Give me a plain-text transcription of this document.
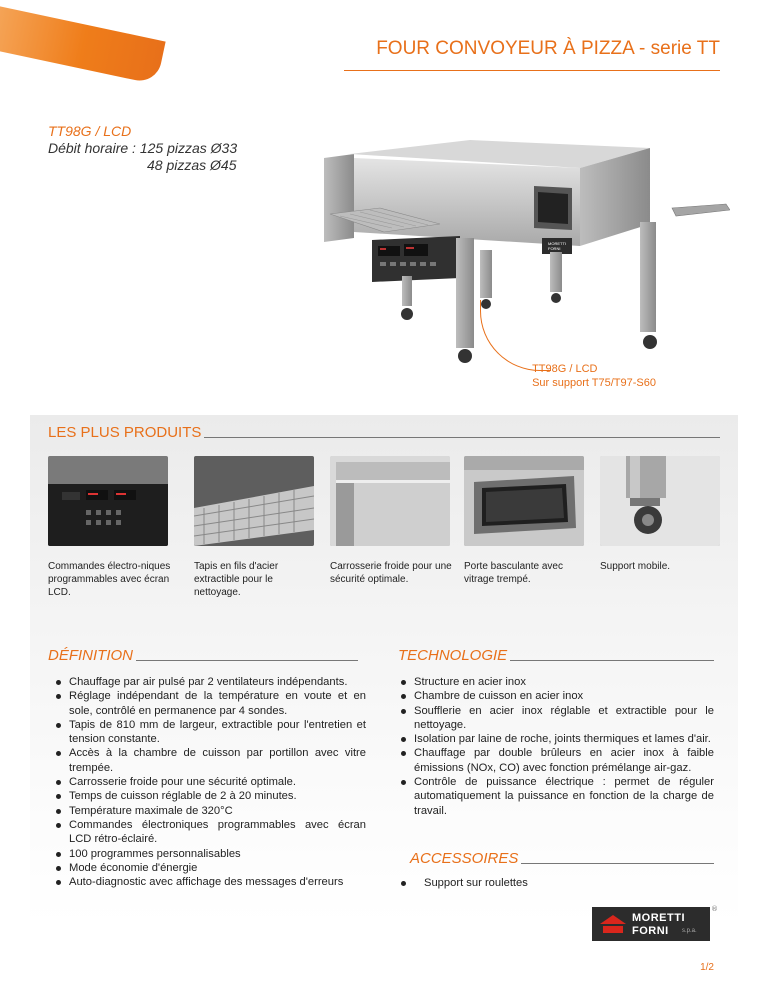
PIZZA
FOUR CONVOYEUR À PIZZA - serie TT
TT98G / LCD
Débit horaire : 125 pizzas Ø33
48 pizzas Ø45
MORETTI
FORNI
TT98G / LCD
Sur support T75/T97-S60
LES PLUS PRODUITS
Commandes électro-niques programmables avec écran LCD.
Tapis en fils d'acier extractible pour le nettoyage.
Carrosserie froide pour une sécurité optimale.
Porte basculante avec vitrage trempé.
Support mobile.
DÉFINITION
Chauffage par air pulsé par 2 ventilateurs indépendants.
Réglage indépendant de la température en voute et en sole, contrôlé en permanence par 4 sondes.
Tapis de 810 mm de largeur, extractible pour l'entretien et tension constante.
Accès à la chambre de cuisson par portillon avec vitre trempée.
Carrosserie froide pour une sécurité optimale.
Temps de cuisson réglable de 2 à 20 minutes.
Température maximale de 320°C
Commandes électroniques programmables avec écran LCD rétro-éclairé.
100 programmes personnalisables
Mode économie d'énergie
Auto-diagnostic avec affichage des messages d'erreurs
TECHNOLOGIE
Structure en acier inox
Chambre de cuisson en acier inox
Soufflerie en acier inox réglable et extractible pour le nettoyage.
Isolation par laine de roche, joints thermiques et lames d'air.
Chauffage par double brûleurs en acier inox à faible émissions (NOx, CO) avec fonction prémélange air-gaz.
Contrôle de puissance électrique : permet de réguler automatiquement la puissance en fonction de la charge de travail.
ACCESSOIRES
Support sur roulettes
MORETTI
FORNI s.p.a.
®
1/2
